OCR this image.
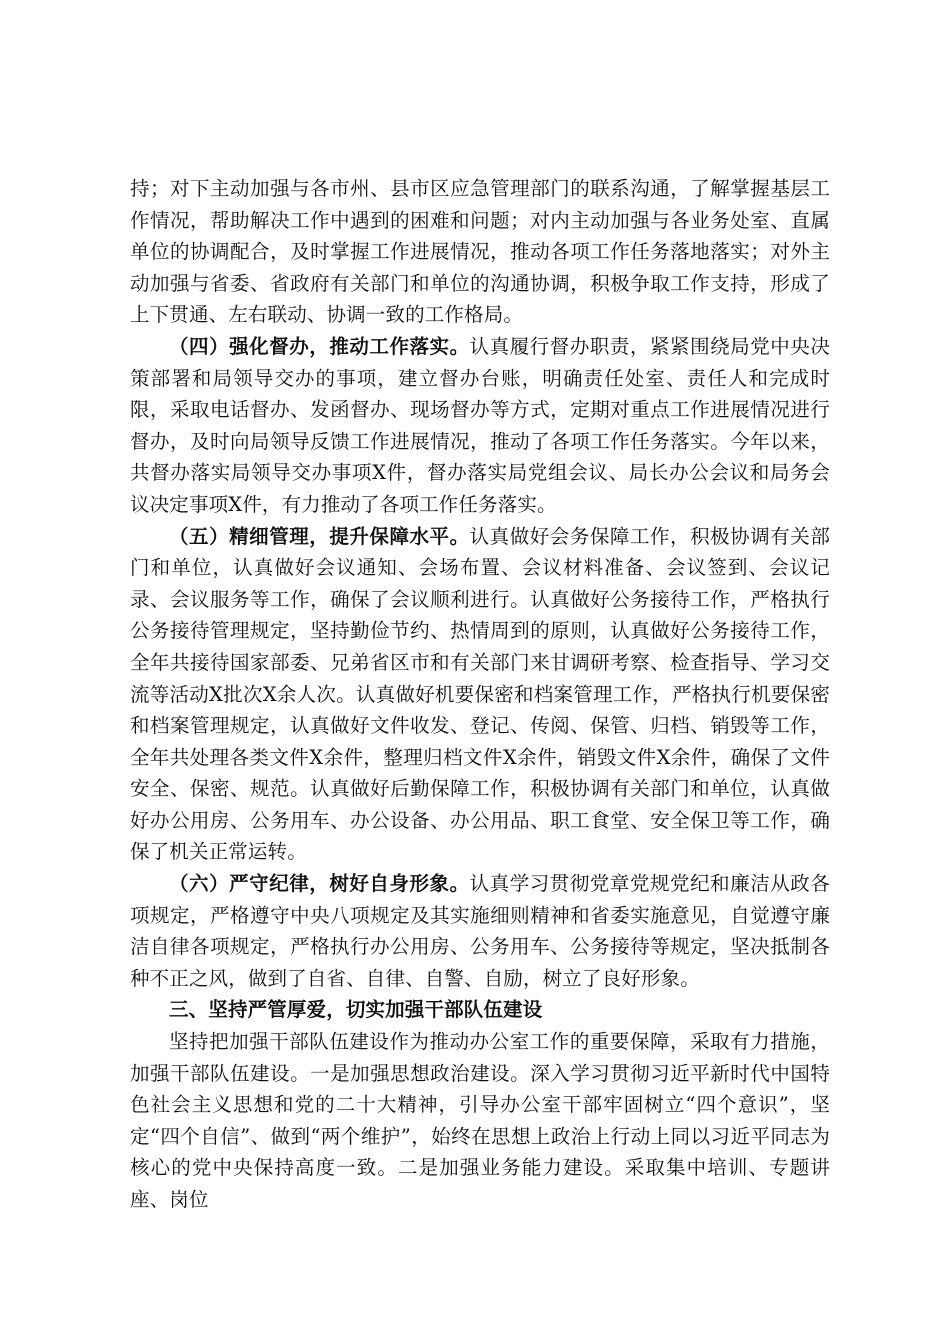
持；对下主动加强与各市州、县市区应急管理部门的联系沟通，了解掌握基层工作情况，帮助解决工作中遇到的困难和问题；对内主动加强与各业务处室、直属单位的协调配合，及时掌握工作进展情况，推动各项工作任务落地落实；对外主动加强与省委、省政府有关部门和单位的沟通协调，积极争取工作支持，形成了上下贯通、左右联动、协调一致的工作格局。

（四）强化督办，推动工作落实。认真履行督办职责，紧紧围绕局党中央决策部署和局领导交办的事项，建立督办台账，明确责任处室、责任人和完成时限，采取电话督办、发函督办、现场督办等方式，定期对重点工作进展情况进行督办，及时向局领导反馈工作进展情况，推动了各项工作任务落实。今年以来，共督办落实局领导交办事项X件，督办落实局党组会议、局长办公会议和局务会议决定事项X件，有力推动了各项工作任务落实。

（五）精细管理，提升保障水平。认真做好会务保障工作，积极协调有关部门和单位，认真做好会议通知、会场布置、会议材料准备、会议签到、会议记录、会议服务等工作，确保了会议顺利进行。认真做好公务接待工作，严格执行公务接待管理规定，坚持勤俭节约、热情周到的原则，认真做好公务接待工作，全年共接待国家部委、兄弟省区市和有关部门来甘调研考察、检查指导、学习交流等活动X批次X余人次。认真做好机要保密和档案管理工作，严格执行机要保密和档案管理规定，认真做好文件收发、登记、传阅、保管、归档、销毁等工作，全年共处理各类文件X余件，整理归档文件X余件，销毁文件X余件，确保了文件安全、保密、规范。认真做好后勤保障工作，积极协调有关部门和单位，认真做好办公用房、公务用车、办公设备、办公用品、职工食堂、安全保卫等工作，确保了机关正常运转。

（六）严守纪律，树好自身形象。认真学习贯彻党章党规党纪和廉洁从政各项规定，严格遵守中央八项规定及其实施细则精神和省委实施意见，自觉遵守廉洁自律各项规定，严格执行办公用房、公务用车、公务接待等规定，坚决抵制各种不正之风，做到了自省、自律、自警、自励，树立了良好形象。

三、坚持严管厚爱，切实加强干部队伍建设

坚持把加强干部队伍建设作为推动办公室工作的重要保障，采取有力措施，加强干部队伍建设。一是加强思想政治建设。深入学习贯彻习近平新时代中国特色社会主义思想和党的二十大精神，引导办公室干部牢固树立“四个意识”，坚定“四个自信”、做到“两个维护”，始终在思想上政治上行动上同以习近平同志为核心的党中央保持高度一致。二是加强业务能力建设。采取集中培训、专题讲座、岗位
